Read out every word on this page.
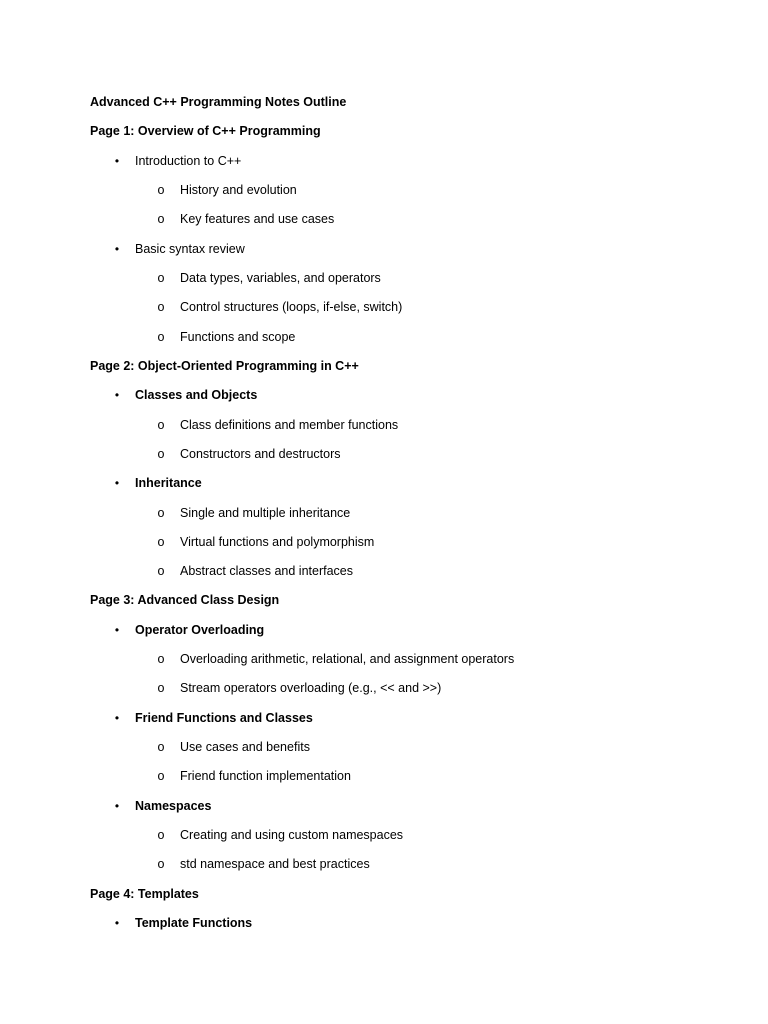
Advanced C++ Programming Notes Outline
Page 1: Overview of C++ Programming
• Introduction to C++
o History and evolution
o Key features and use cases
• Basic syntax review
o Data types, variables, and operators
o Control structures (loops, if-else, switch)
o Functions and scope
Page 2: Object-Oriented Programming in C++
• Classes and Objects
o Class definitions and member functions
o Constructors and destructors
• Inheritance
o Single and multiple inheritance
o Virtual functions and polymorphism
o Abstract classes and interfaces
Page 3: Advanced Class Design
• Operator Overloading
o Overloading arithmetic, relational, and assignment operators
o Stream operators overloading (e.g., << and >>)
• Friend Functions and Classes
o Use cases and benefits
o Friend function implementation
• Namespaces
o Creating and using custom namespaces
o std namespace and best practices
Page 4: Templates
• Template Functions
